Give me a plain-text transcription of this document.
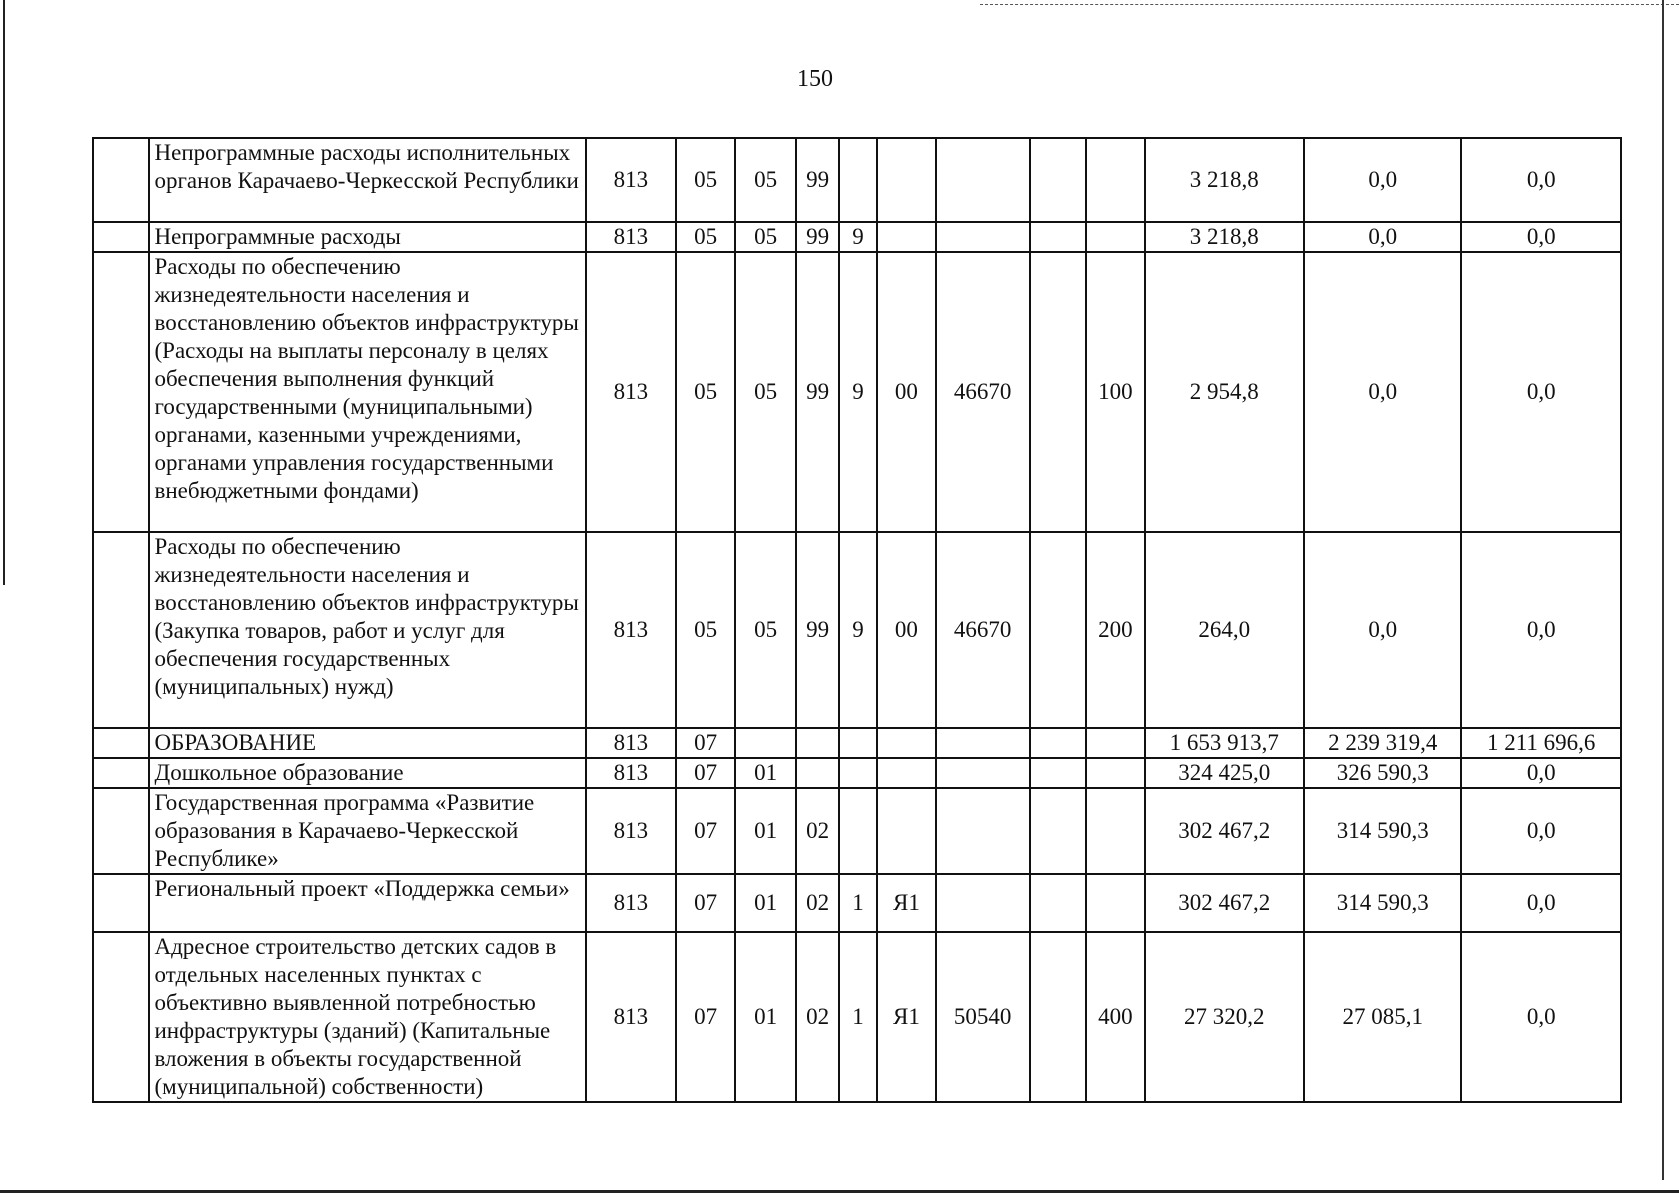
150
	Непрограммные расходы исполнительных органов Карачаево-Черкесской Республики	813	05	05	99						3 218,8	0,0	0,0
	Непрограммные расходы	813	05	05	99	9					3 218,8	0,0	0,0
	Расходы по обеспечению жизнедеятельности населения и восстановлению объектов инфраструктуры (Расходы на выплаты персоналу в целях обеспечения выполнения функций государственными (муниципальными) органами, казенными учреждениями, органами управления государственными внебюджетными фондами)	813	05	05	99	9	00	46670		100	2 954,8	0,0	0,0
	Расходы по обеспечению жизнедеятельности населения и восстановлению объектов инфраструктуры (Закупка товаров, работ и услуг для обеспечения государственных (муниципальных) нужд)	813	05	05	99	9	00	46670		200	264,0	0,0	0,0
	ОБРАЗОВАНИЕ	813	07								1 653 913,7	2 239 319,4	1 211 696,6
	Дошкольное образование	813	07	01							324 425,0	326 590,3	0,0
	Государственная программа «Развитие образования в Карачаево-Черкесской Республике»	813	07	01	02						302 467,2	314 590,3	0,0
	Региональный проект «Поддержка семьи»	813	07	01	02	1	Я1				302 467,2	314 590,3	0,0
	Адресное строительство детских садов в отдельных населенных пунктах с объективно выявленной потребностью инфраструктуры (зданий) (Капитальные вложения в объекты государственной (муниципальной) собственности)	813	07	01	02	1	Я1	50540		400	27 320,2	27 085,1	0,0
